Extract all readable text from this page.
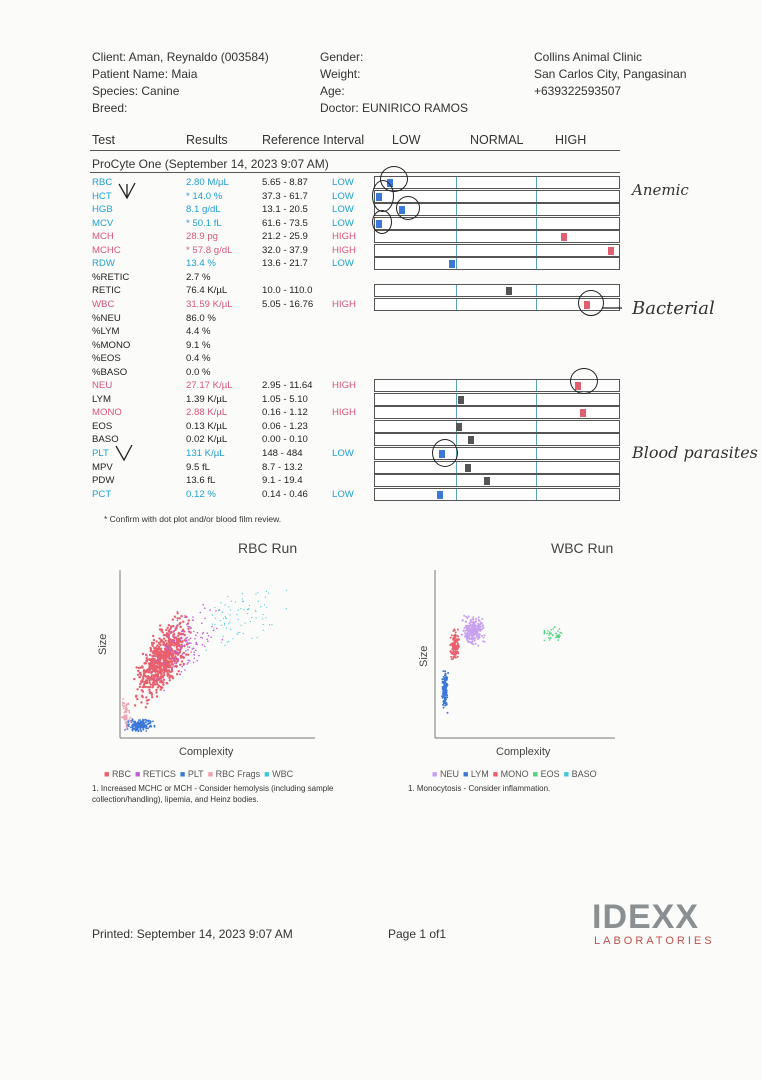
Client: Aman, Reynaldo (003584)
Patient Name: Maia
Species: Canine
Breed:
Gender:
Weight:
Age:
Doctor: EUNIRICO RAMOS
Collins Animal Clinic
San Carlos City, Pangasinan
+639322593507
Test	Results	Reference Interval LOW	NORMAL	HIGH
ProCyte One (September 14, 2023 9:07 AM)
RBC	2.80 M/µL	5.65 - 8.87	LOW
HCT	* 14.0 %	37.3 - 61.7	LOW
HGB	8.1 g/dL	13.1 - 20.5	LOW
MCV	* 50.1 fL	61.6 - 73.5	LOW
MCH	28.9 pg	21.2 - 25.9	HIGH
MCHC	* 57.8 g/dL	32.0 - 37.9	HIGH
RDW	13.4 %	13.6 - 21.7	LOW
%RETIC	2.7 %
RETIC	76.4 K/µL	10.0 - 110.0
WBC	31.59 K/µL	5.05 - 16.76 HIGH
%NEU	86.0 %
%LYM	4.4 %
%MONO	9.1 %
%EOS	0.4 %
%BASO	0.0 %
NEU	27.17 K/µL	2.95 - 11.64 HIGH
LYM	1.39 K/µL	1.05 - 5.10
MONO	2.88 K/µL	0.16 - 1.12	HIGH
EOS	0.13 K/µL	0.06 - 1.23
BASO	0.02 K/µL	0.00 - 0.10
PLT	131 K/µL	148 - 484	LOW
MPV	9.5 fL	8.7 - 13.2
PDW	13.6 fL	9.1 - 19.4
PCT	0.12 %	0.14 - 0.46	LOW
* Confirm with dot plot and/or blood film review.
Anemic
Bacterial
Blood parasites
RBC Run
Size
Complexity
■ RBC ■ RETICS ■ PLT ■ RBC Frags ■ WBC
1. Increased MCHC or MCH - Consider hemolysis (including sample collection/handling), lipemia, and Heinz bodies.
WBC Run
Size
Complexity
■ NEU ■ LYM ■ MONO ■ EOS ■ BASO
1. Monocytosis - Consider inflammation.
Printed: September 14, 2023 9:07 AM	Page 1 of1	IDEXX
LABORATORIES
